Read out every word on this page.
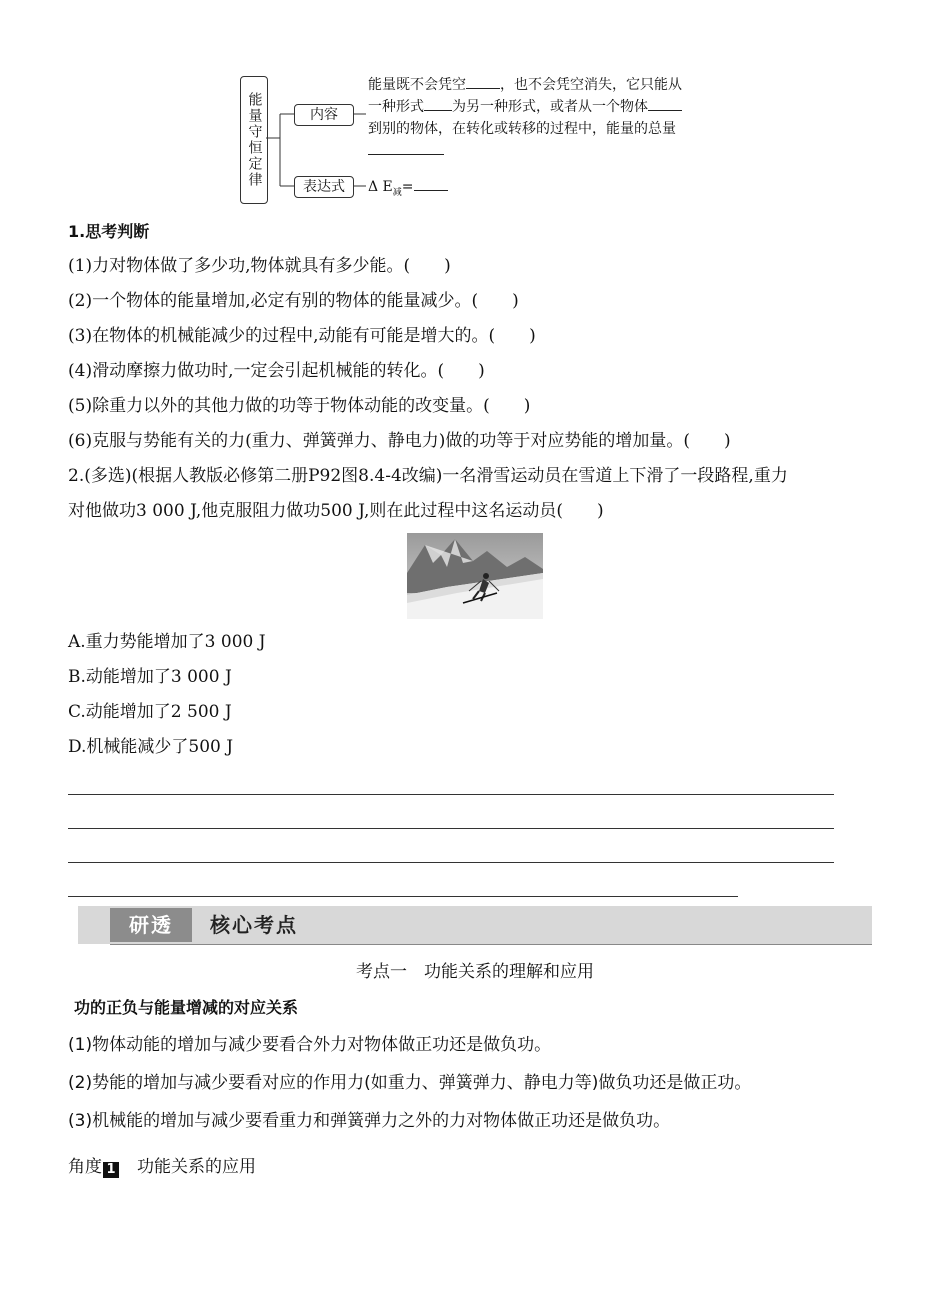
能量守恒定律	内容
表达式
能量既不会凭空 ，也不会凭空消失，它只能从
一种形式 为另一种形式，或者从一个物体
到别的物体，在转化或转移的过程中，能量的总量
Δ $E_减=$
1.思考判断
(1)力对物体做了多少功,物体就具有多少能。(　　)
(2)一个物体的能量增加,必定有别的物体的能量减少。(　　)
(3)在物体的机械能减少的过程中,动能有可能是增大的。(　　)
(4)滑动摩擦力做功时,一定会引起机械能的转化。(　　)
(5)除重力以外的其他力做的功等于物体动能的改变量。(　　)
(6)克服与势能有关的力(重力、弹簧弹力、静电力)做的功等于对应势能的增加量。(　　)
2.(多选)(根据人教版必修第二册P92图8.4-4改编)一名滑雪运动员在雪道上下滑了一段路程,重力
对他做功3 000 J,他克服阻力做功500 J,则在此过程中这名运动员(　　)
A.重力势能增加了3 000 J
B.动能增加了3 000 J
C.动能增加了2 500 J
D.机械能减少了500 J
研透	核心考点
考点一　功能关系的理解和应用
功的正负与能量增减的对应关系
(1)物体动能的增加与减少要看合外力对物体做正功还是做负功。
(2)势能的增加与减少要看对应的作用力(如重力、弹簧弹力、静电力等)做负功还是做正功。
(3)机械能的增加与减少要看重力和弹簧弹力之外的力对物体做正功还是做负功。
角度 1 功能关系的应用
